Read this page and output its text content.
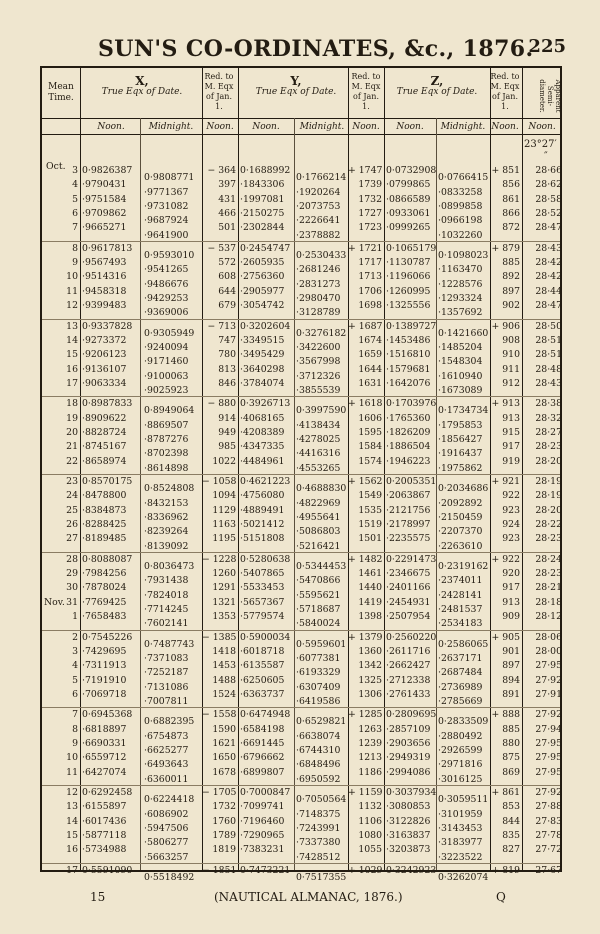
SUN'S CO-ORDINATES, &c., 1876.
225
Mean Time.
X,
True Eqx of Date.
Red. to M. Eqx of Jan. 1.
Y,
True Eqx of Date.
Red. to M. Eqx of Jan. 1.
Z,
True Eqx of Date.
Red. to M. Eqx of Jan. 1.	Apparent Semi-diameter.
Noon.	Midnight.	Noon.	Noon.	Midnight. Noon.	Noon.	Midnight. Noon.	Noon.
23°27′
″
Oct.
Nov.
3 0·9826387	− 364 0·1688992	+ 1747 0·0732908	+ 851	28·66
0·9808771	0·1766214	0·0766415
4 ·9790431	397 ·1843306	1739 ·0799865	856	28·62
·9771367	·1920264	·0833258
5 ·9751584	431 ·1997081	1732 ·0866589	861	28·58
·9731082	·2073753	·0899858
6 ·9709862	466 ·2150275	1727 ·0933061	866	28·52
·9687924	·2226641	·0966198
7 ·9665271	501 ·2302844	1723 ·0999265	872	28·47
·9641900	·2378882	·1032260
8 0·9617813	− 537 0·2454747	+ 1721 0·1065179	+ 879	28·43
0·9593010	0·2530433	0·1098023
9 ·9567493	572 ·2605935	1717 ·1130787	885	28·42
·9541265	·2681246	·1163470
10 ·9514316	608 ·2756360	1713 ·1196066	892	28·42
·9486676	·2831273	·1228576
11 ·9458318	644 ·2905977	1706 ·1260995	897	28·44
·9429253	·2980470	·1293324
12 ·9399483	679 ·3054742	1698 ·1325556	902	28·47
·9369006	·3128789	·1357692
13 0·9337828	− 713 0·3202604	+ 1687 0·1389727	+ 906	28·50
0·9305949	0·3276182	0·1421660
14 ·9273372	747 ·3349515	1674 ·1453486	908	28·51
·9240094	·3422600	·1485204
15 ·9206123	780 ·3495429	1659 ·1516810	910	28·51
·9171460	·3567998	·1548304
16 ·9136107	813 ·3640298	1644 ·1579681	911	28·48
·9100063	·3712326	·1610940
17 ·9063334	846 ·3784074	1631 ·1642076	912	28·43
·9025923	·3855539	·1673089
18 0·8987833	− 880 0·3926713	+ 1618 0·1703976	+ 913	28·38
0·8949064	0·3997590	0·1734734
19 ·8909622	914 ·4068165	1606 ·1765360	913	28·32
·8869507	·4138434	·1795853
20 ·8828724	949 ·4208389	1595 ·1826209	915	28·27
·8787276	·4278025	·1856427
21 ·8745167	985 ·4347335	1584 ·1886504	917	28·23
·8702398	·4416316	·1916437
22 ·8658974	1022 ·4484961	1574 ·1946223	919	28·20
·8614898	·4553265	·1975862
23 0·8570175	− 1058 0·4621223	+ 1562 0·2005351	+ 921	28·19
0·8524808	0·4688830	0·2034686
24 ·8478800	1094 ·4756080	1549 ·2063867	922	28·19
·8432153	·4822969	·2092892
25 ·8384873	1129 ·4889491	1535 ·2121756	923	28·20
·8336962	·4955641	·2150459
26 ·8288425	1163 ·5021412	1519 ·2178997	924	28·22
·8239264	·5086803	·2207370
27 ·8189485	1195 ·5151808	1501 ·2235575	923	28·23
·8139092	·5216421	·2263610
28 0·8088087	− 1228 0·5280638	+ 1482 0·2291473	+ 922	28·24
0·8036473	0·5344453	0·2319162
29 ·7984256	1260 ·5407865	1461 ·2346675	920	28·23
·7931438	·5470866	·2374011
30 ·7878024	1291 ·5533453	1440 ·2401166	917	28·21
·7824018	·5595621	·2428141
31 ·7769425	1321 ·5657367	1419 ·2454931	913	28·18
·7714245	·5718687	·2481537
1 ·7658483	1353 ·5779574	1398 ·2507954	909	28·12
·7602141	·5840024	·2534183
2 0·7545226	− 1385 0·5900034	+ 1379 0·2560220	+ 905	28·06
0·7487743	0·5959601	0·2586065
3 ·7429695	1418 ·6018718	1360 ·2611716	901	28·00
·7371083	·6077381	·2637171
4 ·7311913	1453 ·6135587	1342 ·2662427	897	27·95
·7252187	·6193329	·2687484
5 ·7191910	1488 ·6250605	1325 ·2712338	894	27·92
·7131086	·6307409	·2736989
6 ·7069718	1524 ·6363737	1306 ·2761433	891	27·91
·7007811	·6419586	·2785669
7 0·6945368	− 1558 0·6474948	+ 1285 0·2809695	+ 888	27·92
0·6882395	0·6529821	0·2833509
8 ·6818897	1590 ·6584198	1263 ·2857109	885	27·94
·6754873	·6638074	·2880492
9 ·6690331	1621 ·6691445	1239 ·2903656	880	27·95
·6625277	·6744310	·2926599
10 ·6559712	1650 ·6796662	1213 ·2949319	875	27·95
·6493643	·6848496	·2971816
11 ·6427074	1678 ·6899807	1186 ·2994086	869	27·95
·6360011	·6950592	·3016125
12 0·6292458	− 1705 0·7000847	+ 1159 0·3037934	+ 861	27·92
0·6224418	0·7050564	0·3059511
13 ·6155897	1732 ·7099741	1132 ·3080853	853	27·88
·6086902	·7148375	·3101959
14 ·6017436	1760 ·7196460	1106 ·3122826	844	27·83
·5947506	·7243991	·3143453
15 ·5877118	1789 ·7290965	1080 ·3163837	835	27·78
·5806277	·7337380	·3183977
16 ·5734988	1819 ·7383231	1055 ·3203873	827	27·72
·5663257	·7428512	·3223522
17 0·5591090	− 1851 0·7473221	+ 1029 0·3242923	+ 819	27·67
0·5518492	0·7517355	0·3262074
15	(NAUTICAL ALMANAC, 1876.)	Q
